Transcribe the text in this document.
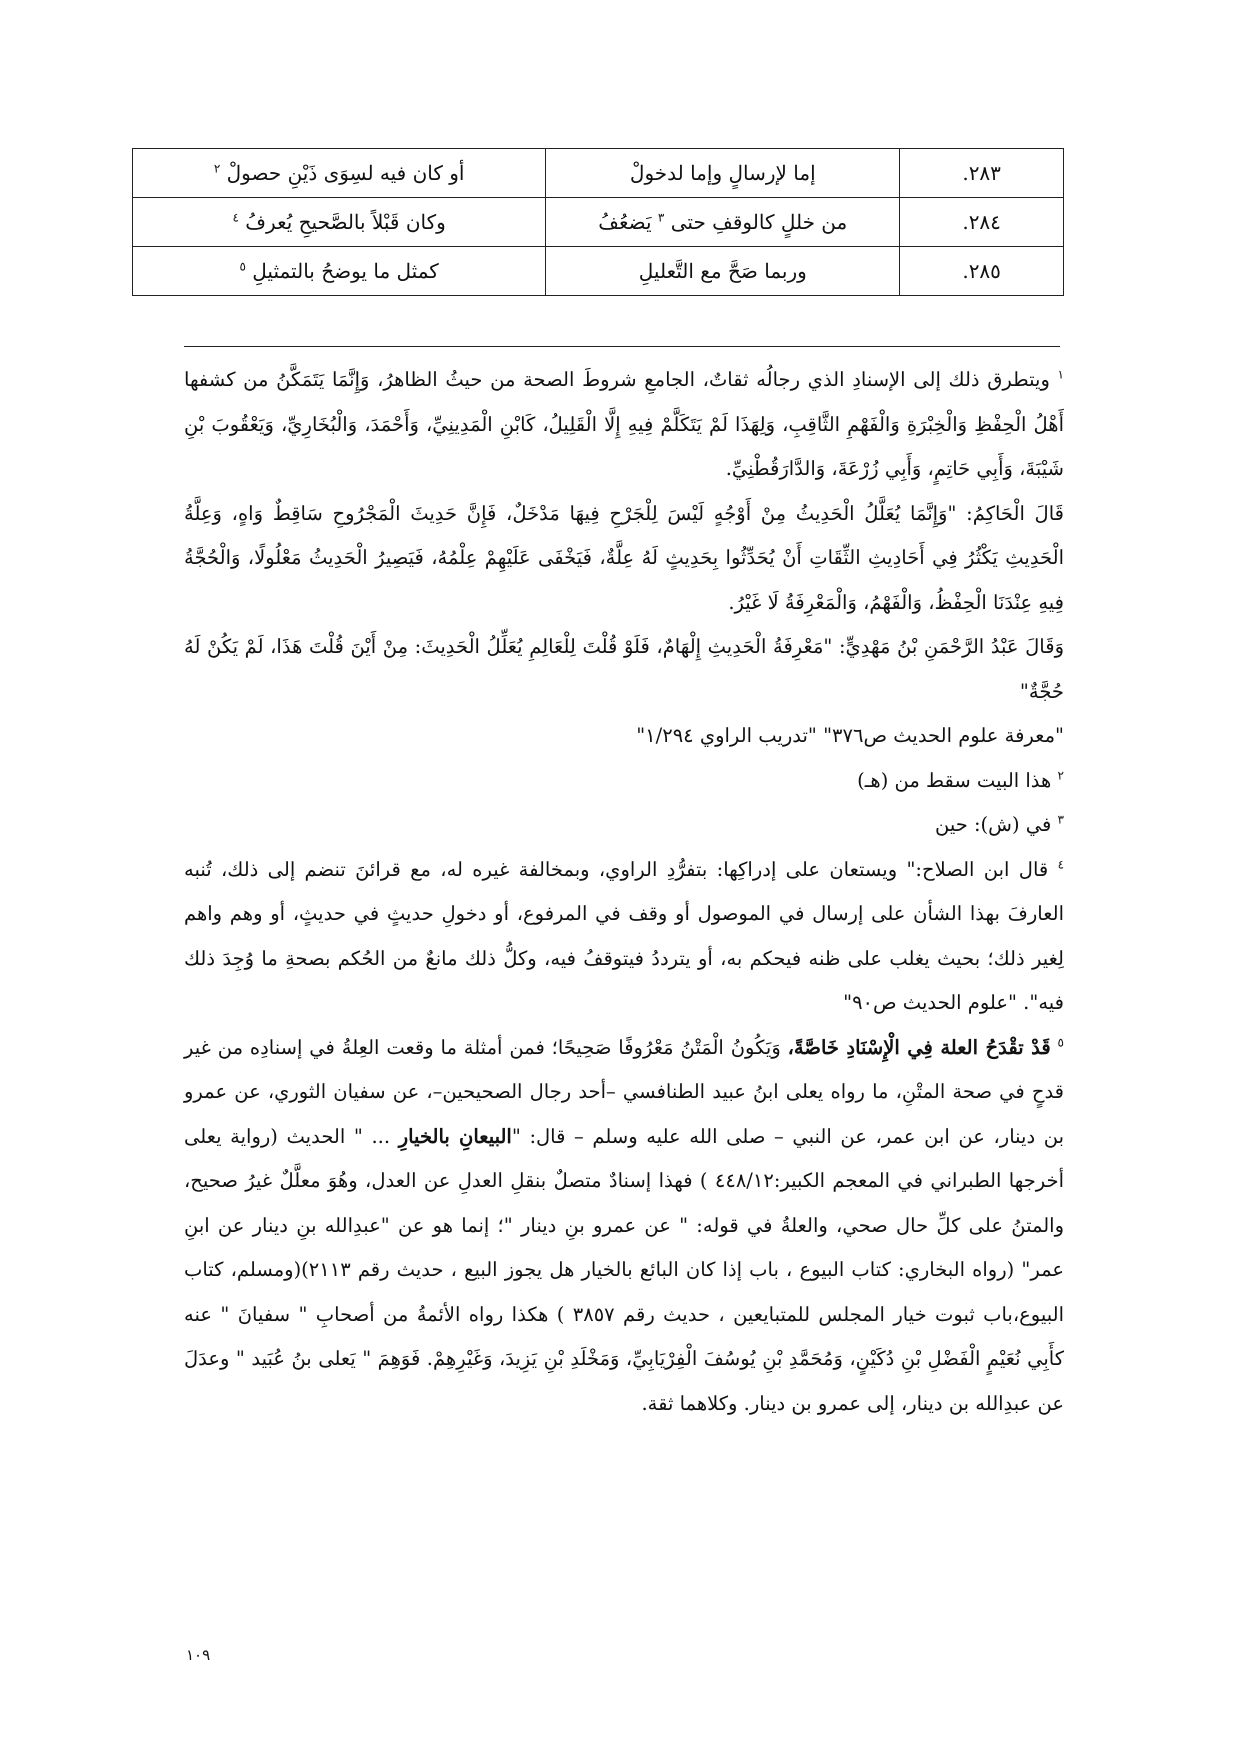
٢٨٣.	إما لإرسالٍ وإما لدخولْ	أو كان فيه لسِوَى ذَيْنِ حصولْ $^٢$
٢٨٤.	من خللٍ كالوقفِ حتى $^٣$ يَضعُفُ	وكان قَبْلاً بالصَّحيحِ يُعرفُ $^٤$
٢٨٥.	وربما صَحَّ مع التَّعليلِ	كمثل ما يوضحُ بالتمثيلِ $^٥$

$^١$ ويتطرق ذلك إلى الإسنادِ الذي رجالُه ثقاتٌ، الجامعِ شروطَ الصحة من حيثُ الظاهرُ، وَإِنَّمَا يَتَمَكَّنُ من كشفها أَهْلُ الْحِفْظِ وَالْخِبْرَةِ وَالْفَهْمِ الثَّاقِبِ، وَلِهَذَا لَمْ يَتَكَلَّمْ فِيهِ إِلَّا الْقَلِيلُ، كَابْنِ الْمَدِينِيِّ، وَأَحْمَدَ، وَالْبُخَارِيِّ، وَيَعْقُوبَ بْنِ شَيْبَةَ، وَأَبِي حَاتِمٍ، وَأَبِي زُرْعَةَ، وَالدَّارَقُطْنِيِّ.

قَالَ الْحَاكِمُ: "وَإِنَّمَا يُعَلَّلُ الْحَدِيثُ مِنْ أَوْجُهٍ لَيْسَ لِلْجَرْحِ فِيهَا مَدْخَلٌ، فَإِنَّ حَدِيثَ الْمَجْرُوحِ سَاقِطٌ وَاهٍ، وَعِلَّةُ الْحَدِيثِ يَكْثُرُ فِي أَحَادِيثِ الثِّقَاتِ أَنْ يُحَدِّثُوا بِحَدِيثٍ لَهُ عِلَّةٌ، فَيَخْفَى عَلَيْهِمْ عِلْمُهُ، فَيَصِيرُ الْحَدِيثُ مَعْلُولًا، وَالْحُجَّةُ فِيهِ عِنْدَنَا الْحِفْظُ، وَالْفَهْمُ، وَالْمَعْرِفَةُ لَا غَيْرُ.

وَقَالَ عَبْدُ الرَّحْمَنِ بْنُ مَهْدِيٍّ: "مَعْرِفَةُ الْحَدِيثِ إِلْهَامٌ، فَلَوْ قُلْتَ لِلْعَالِمِ يُعَلِّلُ الْحَدِيثَ: مِنْ أَيْنَ قُلْتَ هَذَا، لَمْ يَكُنْ لَهُ حُجَّةٌ"

"معرفة علوم الحديث ص٣٧٦" "تدريب الراوي ١/٢٩٤"

$^٢$ هذا البيت سقط من (هـ)

$^٣$ في (ش): حين

$^٤$ قال ابن الصلاح:" ويستعان على إدراكِها: بتفرُّدِ الراوي، وبمخالفة غيره له، مع قرائنَ تنضم إلى ذلك، تُنبه العارفَ بهذا الشأن على إرسال في الموصول أو وقف في المرفوع، أو دخولِ حديثٍ في حديثٍ، أو وهم واهم لِغير ذلك؛ بحيث يغلب على ظنه فيحكم به، أو يترددُ فيتوقفُ فيه، وكلُّ ذلك مانعٌ من الحُكم بصحةِ ما وُجِدَ ذلك فيه". "علوم الحديث ص٩٠"

$^٥$ قَدْ تقْدَحُ العلة فِي الْإِسْنَادِ خَاصَّةً، وَيَكُونُ الْمَتْنُ مَعْرُوفًا صَحِيحًا؛ فمن أمثلة ما وقعت العِلةُ في إسنادِه من غير قدحٍ في صحة المتْنِ، ما رواه يعلى ابنُ عبيد الطنافسي –أحد رجال الصحيحين–، عن سفيان الثوري، عن عمرو بن دينار، عن ابن عمر، عن النبي – صلى الله عليه وسلم – قال: "البيعانِ بالخيارِ ... " الحديث (رواية يعلى أخرجها الطبراني في المعجم الكبير:٤٤٨/١٢ ) فهذا إسنادٌ متصلٌ بنقلِ العدلِ عن العدل، وهُوَ معلَّلٌ غيرُ صحيح، والمتنُ على كلِّ حال صحي، والعلةُ في قوله: " عن عمرو بنِ دينار "؛ إنما هو عن "عبدِالله بنِ دينار عن ابنِ عمر" (رواه البخاري: كتاب البيوع ، باب إذا كان البائع بالخيار هل يجوز البيع ، حديث رقم ٢١١٣)(ومسلم، كتاب البيوع،باب ثبوت خيار المجلس للمتبايعين ، حديث رقم ٣٨٥٧ ) هكذا رواه الأئمةُ من أصحابِ " سفيانَ " عنه كأَبِي نُعَيْمٍ الْفَضْلِ بْنِ دُكَيْنٍ، وَمُحَمَّدِ بْنِ يُوسُفَ الْفِرْيَابِيِّ، وَمَخْلَدِ بْنِ يَزِيدَ، وَغَيْرِهِمْ. فَوَهِمَ " يَعلى بنُ عُبَيد " وعدَلَ عن عبدِالله بن دينار، إلى عمرو بن دينار. وكلاهما ثقة.

١٠٩
